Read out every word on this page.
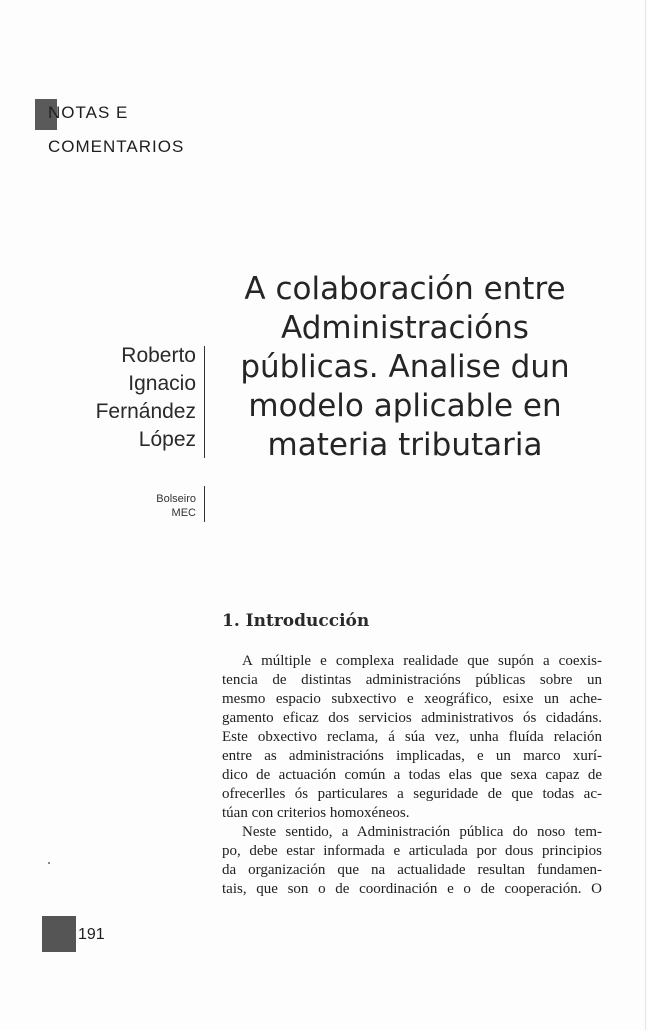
NOTAS E
COMENTARIOS
A colaboración entre
Administracións
públicas. Analise dun
modelo aplicable en
materia tributaria
Roberto
Ignacio
Fernández
López
Bolseiro
MEC
1. Introducción

A múltiple e complexa realidade que supón a coexis-
tencia de distintas administracións públicas sobre un
mesmo espacio subxectivo e xeográfico, esixe un ache-
gamento eficaz dos servicios administrativos ós cidadáns.
Este obxectivo reclama, á súa vez, unha fluída relación
entre as administracións implicadas, e un marco xurí-
dico de actuación común a todas elas que sexa capaz de
ofrecerlles ós particulares a seguridade de que todas ac-
túan con criterios homoxéneos.

Neste sentido, a Administración pública do noso tem-
po, debe estar informada e articulada por dous principios
da organización que na actualidade resultan fundamen-
tais, que son o de coordinación e o de cooperación. O

191
